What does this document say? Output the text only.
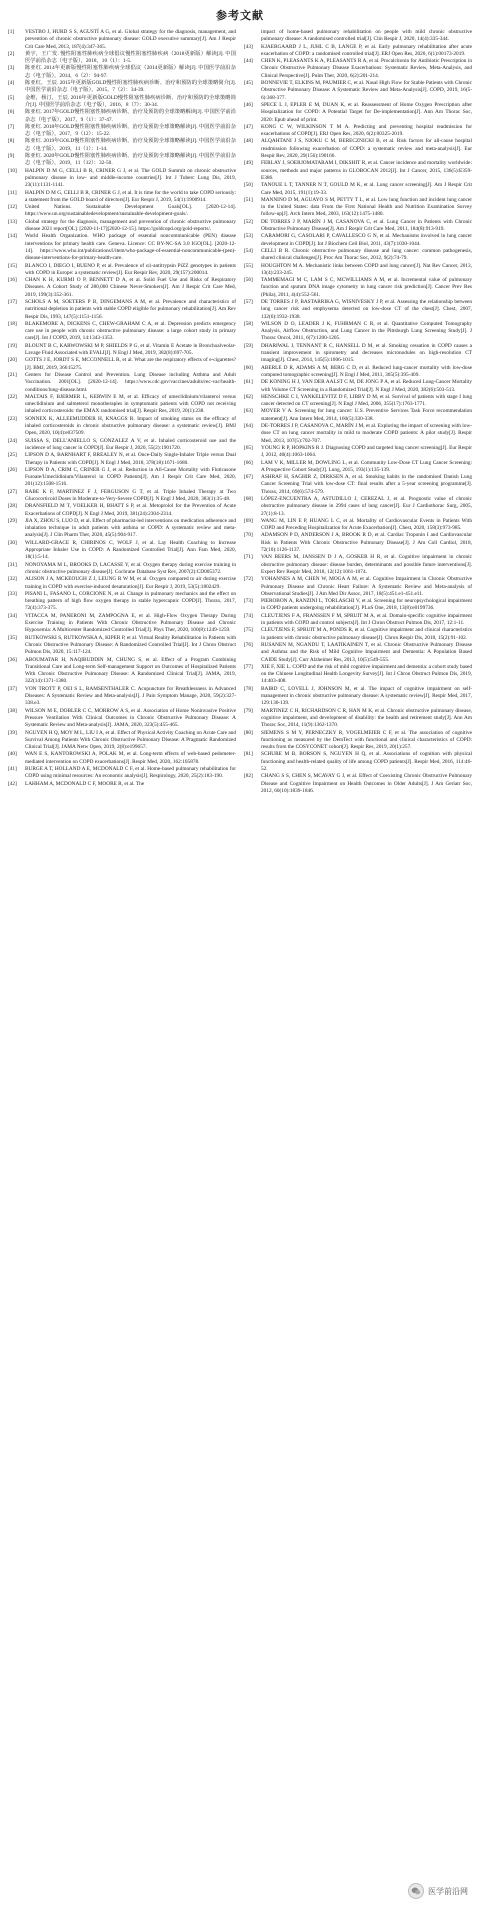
参考文献
[1]	VESTBO J, HURD S S, AGUSTÍ A G, et al. Global strategy for the diagnosis, management, and prevention of chronic obstructive pulmonary disease: GOLD executive summary[J]. Am J Respir Crit Care Med, 2013, 187(4):347-365.
[2]	黄宇，王广发. 慢性阻塞性肺疾病全球倡议慢性阻塞性肺疾病（2018更新版）解读[J]. 中国医学前沿杂志（电子版），2018，10（1）：1-5.
[3]	陈亚红. 2014年更新版慢性阻塞性肺疾病全球倡议（2014更新版）解读[J]. 中国医学前沿杂志（电子版），2014，6（2）：94-97.
[4]	陈亚红，王辰. 2015年更新版GOLD慢性阻塞性肺疾病诊断、治疗和预防的全球策略简介[J]. 中国医学前沿杂志（电子版），2015，7（2）：34-39.
[5]	金维，杨汀，王辰. 2016年更新版GOLD慢性阻塞性肺疾病诊断、治疗和预防的全球策略简介[J]. 中国医学前沿杂志（电子版），2016，8（7）：30-34.
[6]	陈亚红. 2017年GOLD慢性阻塞性肺疾病诊断、治疗及预防的全球策略解读[J]. 中国医学前沿杂志（电子版），2017，9（1）：37-47.
[7]	陈亚红. 2018年GOLD慢性阻塞性肺疾病诊断、治疗及预防全球策略解读[J]. 中国医学前沿杂志（电子版），2017，9（12）：15-22.
[8]	陈亚红. 2019年GOLD慢性阻塞性肺疾病诊断、治疗及预防全球策略解读[J]. 中国医学前沿杂志（电子版），2019，11（1）：1-14.
[9]	陈亚红. 2020年GOLD慢性阻塞性肺疾病诊断、治疗及预防全球策略解读[J]. 中国医学前沿杂志（电子版），2019，11（12）：32-50.
[10]	HALPIN D M G, CELLI B R, CRINER G J, et al. The GOLD Summit on chronic obstructive pulmonary disease in low- and middle-income countries[J]. Int J Tuberc Lung Dis, 2019, 23(11):1131-1141.
[11]	HALPIN D M G, CELLI B R, CRINER G J, et al. It is time for the world to take COPD seriously: a statement from the GOLD board of directors[J]. Eur Respir J, 2019, 54(1):1900914.
[12]	United Nations. Sustainable Development Goals[OL]. [2020-12-14]. https://www.un.org/sustainabledevelopment/sustainable-development-goals/.
[13]	Global strategy for the diagnosis, management and prevention of chronic obstructive pulmonary disease 2021 report[OL]. [2020-11-17][2020-12-15]. https://goldcopd.org/gold-reports/.
[14]	World Health Organization. WHO package of essential noncommunicable (PEN) disease interventions for primary health care. Geneva. Licence: CC BY-NC-SA 3.0 IGO[OL]. [2020-12-14]. https://www.who.int/publications/i/item/who-package-of-essential-noncommunicable-(pen)-disease-interventions-for-primary-health-care.
[15]	BLANCO I, DIEGO I, BUENO P, et al. Prevalence of α1-antitrypsin PiZZ genotypes in patients with COPD in Europe: a systematic review[J]. Eur Respir Rev, 2020, 29(157):200014.
[16]	CHAN K H, KURMI O P, BENNETT D A, et al. Solid Fuel Use and Risks of Respiratory Diseases. A Cohort Study of 280,000 Chinese Never-Smokers[J]. Am J Respir Crit Care Med, 2019, 199(3):352-361.
[17]	SCHOLS A M, SOETERS P B, DINGEMANS A M, et al. Prevalence and characteristics of nutritional depletion in patients with stable COPD eligible for pulmonary rehabilitation[J]. Am Rev Respir Dis, 1993, 147(5):1151-1156.
[18]	BLAKEMORE A, DICKENS C, CHEW-GRAHAM C A, et al. Depression predicts emergency care use in people with chronic obstructive pulmonary disease: a large cohort study in primary care[J]. Int J COPD, 2019, 14:1343-1353.
[19]	BLOUNT B C, KARWOWSKI M P, SHIELDS P G, et al. Vitamin E Acetate in Bronchoalveolar-Lavage Fluid Associated with EVALI[J]. N Engl J Med, 2019, 382(8):697-705.
[20]	GOTTS J E, JORDT S E, MCCONNELL R, et al. What are the respiratory effects of e-cigarettes?[J]. BMJ, 2019, 366:l5275.
[21]	Centers for Disease Control and Prevention. Lung Disease including Asthma and Adult Vaccination. 2001[OL]. [2020-12-14]. https://www.cdc.gov/vaccines/adults/rec-vac/health-conditions/lung-disease.html.
[22]	MALTAIS F, BJERMER L, KERWIN E M, et al. Efficacy of umeclidinium/vilanterol versus umeclidinium and salmeterol monotherapies in symptomatic patients with COPD not receiving inhaled corticosteroids: the EMAX randomised trial[J]. Respir Res, 2019, 20(1):238.
[23]	SONNEX K, ALLEEMUDDER H, KNAGGS R. Impact of smoking status on the efficacy of inhaled corticosteroids in chronic obstructive pulmonary disease: a systematic review[J]. BMJ Open, 2020, 10(4):e037509.
[24]	SUISSA S, DELL'ANIELLO S, GONZALEZ A V, et al. Inhaled corticosteroid use and the incidence of lung cancer in COPD[J]. Eur Respir J, 2020, 55(2):1901720.
[25]	LIPSON D A, BARNHART F, BREALEY N, et al. Once-Daily Single-Inhaler Triple versus Dual Therapy in Patients with COPD[J]. N Engl J Med, 2018, 378(18):1671-1680.
[26]	LIPSON D A, CRIM C, CRINER G J, et al. Reduction in All-Cause Mortality with Fluticasone Furoate/Umeclidinium/Vilanterol in COPD Patients[J]. Am J Respir Crit Care Med, 2020, 201(12):1508-1516.
[27]	RABE K F, MARTINEZ F J, FERGUSON G T, et al. Triple Inhaled Therapy at Two Glucocorticoid Doses in Moderate-to-Very-Severe COPD[J]. N Engl J Med, 2020, 383(1):35-48.
[28]	DRANSFIELD M T, VOELKER H, BHATT S P, et al. Metoprolol for the Prevention of Acute Exacerbations of COPD[J]. N Engl J Med, 2019, 381(24):2304-2314.
[29]	JIA X, ZHOU S, LUO D, et al. Effect of pharmacist-led interventions on medication adherence and inhalation technique in adult patients with asthma or COPD: A systematic review and meta-analysis[J]. J Clin Pharm Ther, 2020, 45(5):904-917.
[30]	WILLARD-GRACE R, CHIRINOS C, WOLF J, et al. Lay Health Coaching to Increase Appropriate Inhaler Use in COPD: A Randomized Controlled Trial[J]. Ann Fam Med, 2020, 18(1):5-14.
[31]	NONOYAMA M L, BROOKS D, LACASSE Y, et al. Oxygen therapy during exercise training in chronic obstructive pulmonary disease[J]. Cochrane Database Syst Rev, 2007(2):CD005372.
[32]	ALISON J A, MCKEOUGH Z J, LEUNG R W M, et al. Oxygen compared to air during exercise training in COPD with exercise-induced desaturation[J]. Eur Respir J, 2019, 53(5):1802429.
[33]	PISANI L, FASANO L, CORCIONE N, et al. Change in pulmonary mechanics and the effect on breathing pattern of high flow oxygen therapy in stable hypercapnic COPD[J]. Thorax, 2017, 72(4):373-375.
[34]	VITACCA M, PANERONI M, ZAMPOGNA E, et al. High-Flow Oxygen Therapy During Exercise Training in Patients With Chronic Obstructive Pulmonary Disease and Chronic Hypoxemia: A Multicenter Randomized Controlled Trial[J]. Phys Ther, 2020, 100(8):1249-1259.
[35]	RUTKOWSKI S, RUTKOWSKA A, KIPER P, et al. Virtual Reality Rehabilitation in Patients with Chronic Obstructive Pulmonary Disease: A Randomized Controlled Trial[J]. Int J Chron Obstruct Pulmon Dis, 2020, 15:117-124.
[36]	ABOUMATAR H, NAQIBUDDIN M, CHUNG S, et al. Effect of a Program Combining Transitional Care and Long-term Self-management Support on Outcomes of Hospitalized Patients With Chronic Obstructive Pulmonary Disease: A Randomized Clinical Trial[J]. JAMA, 2019, 322(14):1371-1380.
[37]	VON TROTT P, OEI S L, RAMSENTHALER C. Acupuncture for Breathlessness in Advanced Diseases: A Systematic Review and Meta-analysis[J]. J Pain Symptom Manage, 2020, 59(2):327-338.e3.
[38]	WILSON M E, DOBLER C C, MORROW A S, et al. Association of Home Noninvasive Positive Pressure Ventilation With Clinical Outcomes in Chronic Obstructive Pulmonary Disease: A Systematic Review and Meta-analysis[J]. JAMA, 2020, 323(5):455-465.
[39]	NGUYEN H Q, MOY M L, LIU I A, et al. Effect of Physical Activity Coaching on Acute Care and Survival Among Patients With Chronic Obstructive Pulmonary Disease: A Pragmatic Randomized Clinical Trial[J]. JAMA Netw Open, 2019, 2(8):e199657.
[40]	WAN E S, KANTOROWSKI A, POLAK M, et al. Long-term effects of web-based pedometer-mediated intervention on COPD exacerbations[J]. Respir Med, 2020, 162:105878.
[41]	BURGE A T, HOLLAND A E, MCDONALD C F, et al. Home-based pulmonary rehabilitation for COPD using minimal resources: An economic analysis[J]. Respirology, 2020, 25(2):183-190.
[42]	LAHHAM A, MCDONALD C F, MOORE R, et al. The
impact of home-based pulmonary rehabilitation on people with mild chronic obstructive pulmonary disease: A randomised controlled trial[J]. Clin Respir J, 2020, 14(4):335-344.
[43]	KJAERGAARD J L, JUHL C B, LANGE P, et al. Early pulmonary rehabilitation after acute exacerbation of COPD: a randomised controlled trial[J]. ERJ Open Res, 2020, 6(1):00173-2019.
[44]	CHEN K, PLEASANTS K A, PLEASANTS R A, et al. Procalcitonin for Antibiotic Prescription in Chronic Obstructive Pulmonary Disease Exacerbations: Systematic Review, Meta-Analysis, and Clinical Perspective[J]. Pulm Ther, 2020, 6(2):201-214.
[45]	BONNEVIE T, ELKINS M, PAUMIER C, et al. Nasal High Flow for Stable Patients with Chronic Obstructive Pulmonary Disease: A Systematic Review and Meta-Analysis[J]. COPD, 2019, 16(5-6):368-377.
[46]	SPECE L J, EPLER E M, DUAN K, et al. Reassessment of Home Oxygen Prescription after Hospitalization for COPD: A Potential Target for De-implementation[J]. Ann Am Thorac Soc, 2020: Epub ahead of print.
[47]	KONG C W, WILKINSON T M A. Predicting and preventing hospital readmission for exacerbations of COPD[J]. ERJ Open Res, 2020, 6(2):00325-2019.
[48]	ALQAHTANI J S, NJOKU C M, BERECZNICKI B, et al. Risk factors for all-cause hospital readmission following exacerbation of COPD: a systematic review and meta-analysis[J]. Eur Respir Rev, 2020, 29(156):190166.
[49]	FERLAY J, SOERJOMATARAM I, DIKSHIT R, et al. Cancer incidence and mortality worldwide: sources, methods and major patterns in GLOBOCAN 2012[J]. Int J Cancer, 2015, 136(5):E359-E386.
[50]	TANOUE L T, TANNER N T, GOULD M K, et al. Lung cancer screening[J]. Am J Respir Crit Care Med, 2015, 191(1):19-33.
[51]	MANNINO D M, AGUAYO S M, PETTY T L, et al. Low lung function and incident lung cancer in the United States: data From the First National Health and Nutrition Examination Survey follow-up[J]. Arch Intern Med, 2003, 163(12):1475-1480.
[52]	DE TORRES J P, MARÍN J M, CASANOVA C, et al. Lung Cancer in Patients with Chronic Obstructive Pulmonary Disease[J]. Am J Respir Crit Care Med, 2011, 184(8):913-919.
[53]	CARAMORI G, CASOLARI P, CAVALLESCO G N, et al. Mechanisms involved in lung cancer development in COPD[J]. Int J Biochem Cell Biol, 2011, 43(7):1030-1044.
[54]	CELLI B R. Chronic obstructive pulmonary disease and lung cancer: common pathogenesis, shared clinical challenges[J]. Proc Am Thorac Soc, 2012, 9(2):74-79.
[55]	HOUGHTON M A. Mechanistic links between COPD and lung cancer[J]. Nat Rev Cancer, 2013, 13(4):233-245.
[56]	TAMMEMAGI M C, LAM S C, MCWILLIAMS A M, et al. Incremental value of pulmonary function and sputum DNA image cytometry in lung cancer risk prediction[J]. Cancer Prev Res (Phila), 2011, 4(4):552-561.
[57]	DE TORRES J P, BASTARRIKA G, WISNIVESKY J P, et al. Assessing the relationship between lung cancer risk and emphysema detected on low-dose CT of the chest[J]. Chest, 2007, 132(6):1932-1938.
[58]	WILSON D O, LEADER J K, FUHRMAN C R, et al. Quantitative Computed Tomography Analysis, Airflow Obstruction, and Lung Cancer in the Pittsburgh Lung Screening Study[J]. J Thorac Oncol, 2011, 6(7):1200-1205.
[59]	DHARIWAL J, TENNANT R C, HANSELL D M, et al. Smoking cessation in COPD causes a transient improvement in spirometry and decreases micronodules on high-resolution CT imaging[J]. Chest, 2014, 145(5):1006-1015.
[60]	ABERLE D R, ADAMS A M, BERG C D, et al. Reduced lung-cancer mortality with low-dose computed tomographic screening[J]. N Engl J Med, 2011, 365(5):395-409.
[61]	DE KONING H J, VAN DER AALST C M, DE JONG P A, et al. Reduced Lung-Cancer Mortality with Volume CT Screening in a Randomized Trial[J]. N Engl J Med, 2020, 382(6):503-513.
[62]	HENSCHKE C I, YANKELEVITZ D F, LIBBY D M, et al. Survival of patients with stage I lung cancer detected on CT screening[J]. N Engl J Med, 2006, 355(17):1763-1771.
[63]	MOYER V A. Screening for lung cancer: U.S. Preventive Services Task Force recommendation statement[J]. Ann Intern Med, 2014, 160(5):330-338.
[64]	DE-TORRES J P, CASANOVA C, MARÍN J M, et al. Exploring the impact of screening with low-dose CT on lung cancer mortality in mild to moderate COPD patients: A pilot study[J]. Respir Med, 2013, 107(5):702-707.
[65]	YOUNG R P, HOPKINS R J. Diagnosing COPD and targeted lung cancer screening[J]. Eur Respir J, 2012, 40(4):1063-1064.
[66]	LAM V K, MILLER M, DOWLING L, et al. Community Low-Dose CT Lung Cancer Screening: A Prospective Cohort Study[J]. Lung, 2015, 193(1):135-139.
[67]	ASHRAF H, SAGHIR Z, DIRKSEN A, et al. Smoking habits in the randomised Danish Lung Cancer Screening Trial with low-dose CT: final results after a 5-year screening programme[J]. Thorax, 2014, 69(6):574-579.
[68]	LÓPEZ-ENCUENTRA A, ASTUDILLO J, CEREZAL J, et al. Prognostic value of chronic obstructive pulmonary disease in 2994 cases of lung cancer[J]. Eur J Cardiothorac Surg, 2005, 27(1):8-13.
[69]	WANG M, LIN E P, HUANG L C, et al. Mortality of Cardiovascular Events in Patients With COPD and Preceding Hospitalization for Acute Exacerbation[J]. Chest, 2020, 158(3):973-985.
[70]	ADAMSON P D, ANDERSON J A, BROOK R D, et al. Cardiac Troponin I and Cardiovascular Risk in Patients With Chronic Obstructive Pulmonary Disease[J]. J Am Coll Cardiol, 2018, 72(10):1126-1137.
[71]	VAN BEERS M, JANSSEN D J A, GOSKER H R, et al. Cognitive impairment in chronic obstructive pulmonary disease: disease burden, determinants and possible future interventions[J]. Expert Rev Respir Med, 2018, 12(12):1061-1074.
[72]	YOHANNES A M, CHEN W, MOGA A M, et al. Cognitive Impairment in Chronic Obstructive Pulmonary Disease and Chronic Heart Failure: A Systematic Review and Meta-analysis of Observational Studies[J]. J Am Med Dir Assoc, 2017, 18(5):451.e1-451.e11.
[73]	PIEROBON A, RANZINI L, TORLASCHI V, et al. Screening for neuropsychological impairment in COPD patients undergoing rehabilitation[J]. PLoS One, 2018, 13(8):e0199736.
[74]	CLEUTJENS F A, FRANSSEN F M, SPRUIT M A, et al. Domain-specific cognitive impairment in patients with COPD and control subjects[J]. Int J Chron Obstruct Pulmon Dis, 2017, 12:1-11.
[75]	CLEUTJENS F, SPRUIT M A, PONDS R, et al. Cognitive impairment and clinical characteristics in patients with chronic obstructive pulmonary disease[J]. Chron Respir Dis, 2018, 15(2):91-102.
[76]	RUSANEN M, NGANDU T, LAATIKAINEN T, et al. Chronic Obstructive Pulmonary Disease and Asthma and the Risk of Mild Cognitive Impairment and Dementia: A Population Based CAIDE Study[J]. Curr Alzheimer Res, 2013, 10(5):549-555.
[77]	XIE F, XIE L. COPD and the risk of mild cognitive impairment and dementia: a cohort study based on the Chinese Longitudinal Health Longevity Survey[J]. Int J Chron Obstruct Pulmon Dis, 2019, 14:403-408.
[78]	BAIRD C, LOVELL J, JOHNSON M, et al. The impact of cognitive impairment on self-management in chronic obstructive pulmonary disease: A systematic review[J]. Respir Med, 2017, 129:130-139.
[79]	MARTINEZ C H, RICHARDSON C R, HAN M K, et al. Chronic obstructive pulmonary disease, cognitive impairment, and development of disability: the health and retirement study[J]. Ann Am Thorac Soc, 2014, 11(9):1362-1370.
[80]	SIEMENS S M Y, PERNECZKY R, VOGELMEIER C F, et al. The association of cognitive functioning as measured by the DemTect with functional and clinical characteristics of COPD: results from the COSYCONET cohort[J]. Respir Res, 2019, 20(1):257.
[81]	SCHURE M B, BORSON S, NGUYEN H Q, et al. Associations of cognition with physical functioning and health-related quality of life among COPD patients[J]. Respir Med, 2016, 114:46-52.
[82]	CHANG S S, CHEN S, MCAVAY G J, et al. Effect of Coexisting Chronic Obstructive Pulmonary Disease and Cognitive Impairment on Health Outcomes in Older Adults[J]. J Am Geriatr Soc, 2012, 60(10):1839-1846.
医学前沿网
